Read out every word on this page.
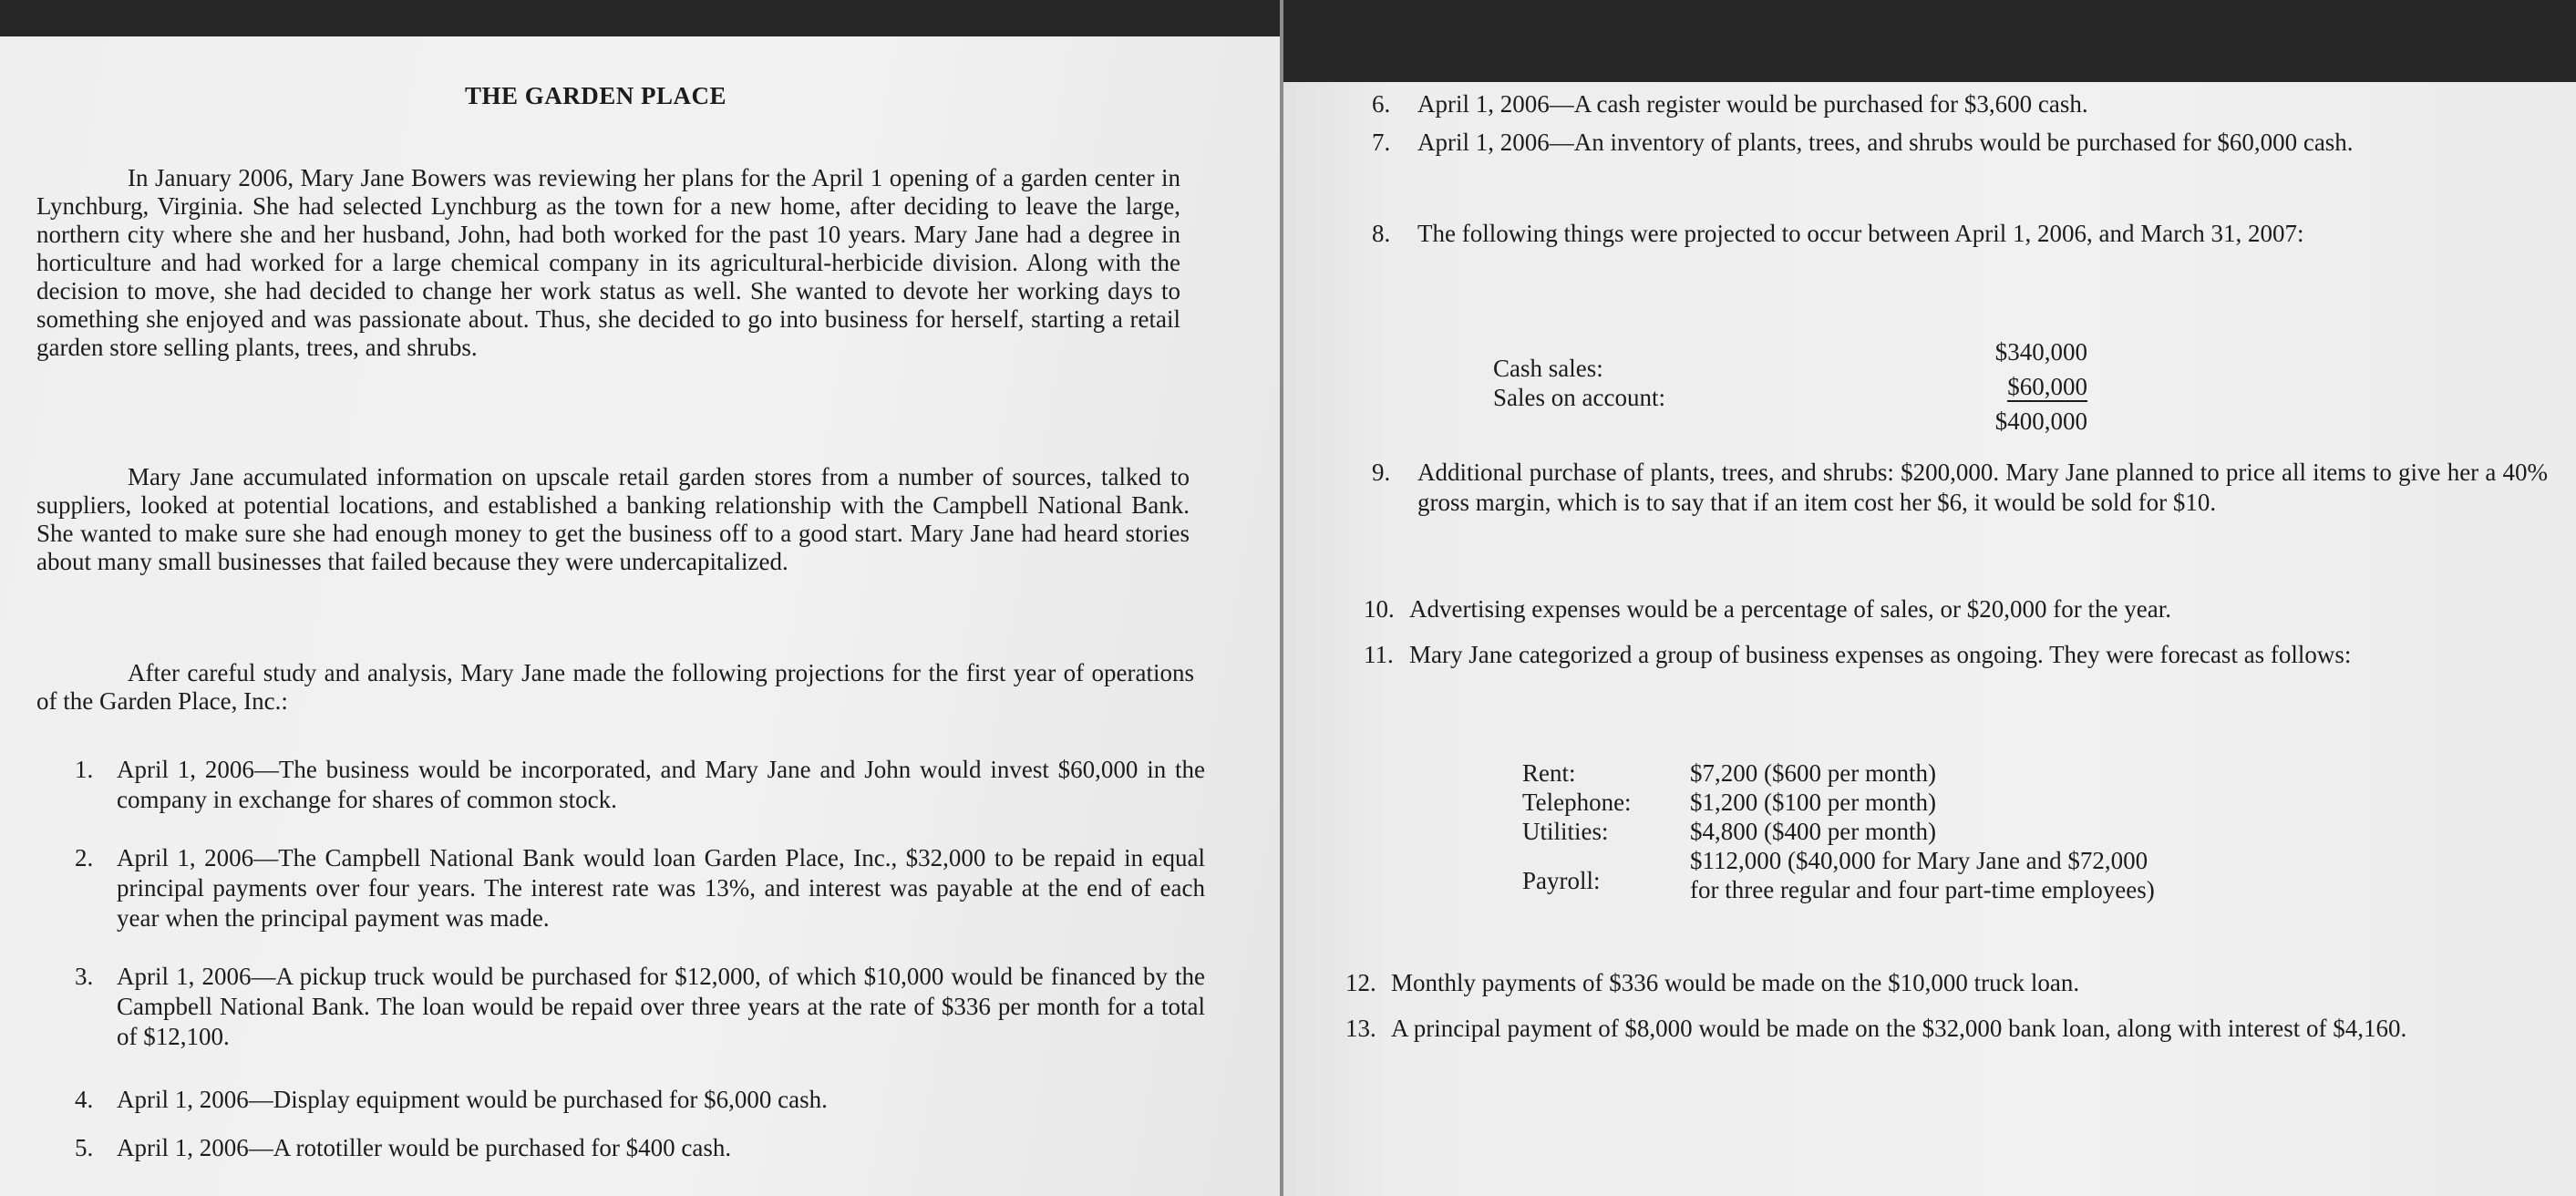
THE GARDEN PLACE

In January 2006, Mary Jane Bowers was reviewing her plans for the April 1 opening of a garden center in Lynchburg, Virginia. She had selected Lynchburg as the town for a new home, after deciding to leave the large, northern city where she and her husband, John, had both worked for the past 10 years. Mary Jane had a degree in horticulture and had worked for a large chemical company in its agricultural-herbicide division. Along with the decision to move, she had decided to change her work status as well. She wanted to devote her working days to something she enjoyed and was passionate about. Thus, she decided to go into business for herself, starting a retail garden store selling plants, trees, and shrubs.

Mary Jane accumulated information on upscale retail garden stores from a number of sources, talked to suppliers, looked at potential locations, and established a banking relationship with the Campbell National Bank. She wanted to make sure she had enough money to get the business off to a good start. Mary Jane had heard stories about many small businesses that failed because they were undercapitalized.

After careful study and analysis, Mary Jane made the following projections for the first year of operations of the Garden Place, Inc.:

1. April 1, 2006—The business would be incorporated, and Mary Jane and John would invest $60,000 in the company in exchange for shares of common stock.
2. April 1, 2006—The Campbell National Bank would loan Garden Place, Inc., $32,000 to be repaid in equal principal payments over four years. The interest rate was 13%, and interest was payable at the end of each year when the principal payment was made.
3. April 1, 2006—A pickup truck would be purchased for $12,000, of which $10,000 would be financed by the Campbell National Bank. The loan would be repaid over three years at the rate of $336 per month for a total of $12,100.
4. April 1, 2006—Display equipment would be purchased for $6,000 cash.
5. April 1, 2006—A rototiller would be purchased for $400 cash.
6. April 1, 2006—A cash register would be purchased for $3,600 cash.
7. April 1, 2006—An inventory of plants, trees, and shrubs would be purchased for $60,000 cash.
8. The following things were projected to occur between April 1, 2006, and March 31, 2007:

Cash sales:

Sales on account:

$340,000

$60,000

$400,000

9. Additional purchase of plants, trees, and shrubs: $200,000. Mary Jane planned to price all items to give her a 40% gross margin, which is to say that if an item cost her $6, it would be sold for $10.
10. Advertising expenses would be a percentage of sales, or $20,000 for the year.
11. Mary Jane categorized a group of business expenses as ongoing. They were forecast as follows:

Rent:	$7,200 ($600 per month)

Telephone: $1,200 ($100 per month)

Utilities:	$4,800 ($400 per month)

Payroll:

$112,000 ($40,000 for Mary Jane and $72,000

for three regular and four part-time employees)

12. Monthly payments of $336 would be made on the $10,000 truck loan.
13. A principal payment of $8,000 would be made on the $32,000 bank loan, along with interest of $4,160.
